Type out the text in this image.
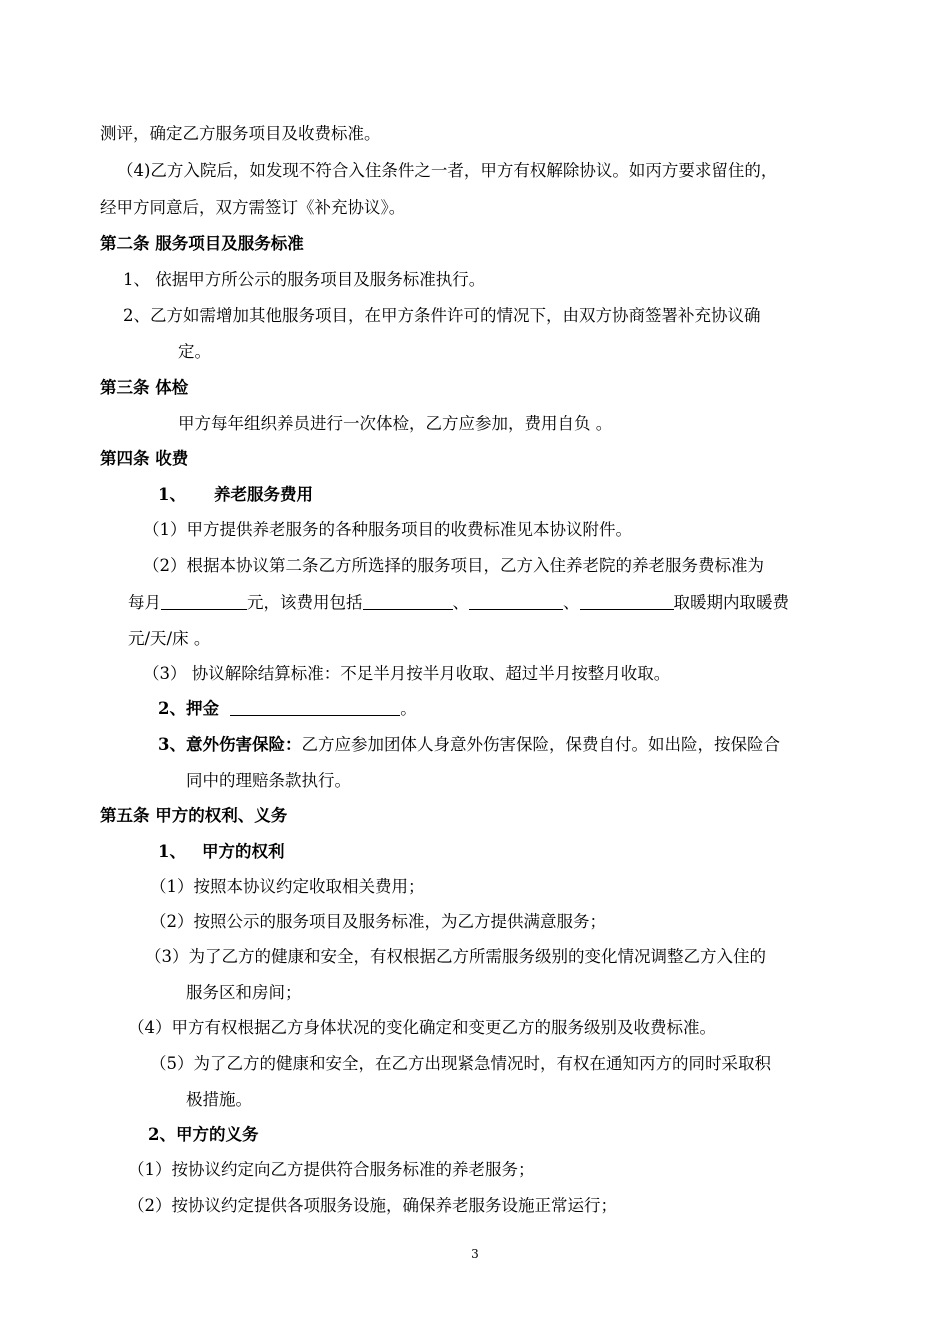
测评，确定乙方服务项目及收费标准。
（4)乙方入院后，如发现不符合入住条件之一者，甲方有权解除协议。如丙方要求留住的，
经甲方同意后，双方需签订《补充协议》。
第二条 服务项目及服务标准
1、 依据甲方所公示的服务项目及服务标准执行。
2、乙方如需增加其他服务项目，在甲方条件许可的情况下，由双方协商签署补充协议确
定。
第三条 体检
甲方每年组织养员进行一次体检，乙方应参加，费用自负 。
第四条 收费
1、 养老服务费用
（1）甲方提供养老服务的各种服务项目的收费标准见本协议附件。
（2）根据本协议第二条乙方所选择的服务项目，乙方入住养老院的养老服务费标准为
每月	元，该费用包括	、	、	取暖期内取暖费
元/天/床 。
（3） 协议解除结算标准：不足半月按半月收取、超过半月按整月收取。
2、押金	。
3、意外伤害保险：乙方应参加团体人身意外伤害保险，保费自付。如出险，按保险合
同中的理赔条款执行。
第五条 甲方的权利、义务
1、 甲方的权利
（1）按照本协议约定收取相关费用；
（2）按照公示的服务项目及服务标准，为乙方提供满意服务；
（3）为了乙方的健康和安全，有权根据乙方所需服务级别的变化情况调整乙方入住的
服务区和房间；
（4）甲方有权根据乙方身体状况的变化确定和变更乙方的服务级别及收费标准。
（5）为了乙方的健康和安全，在乙方出现紧急情况时，有权在通知丙方的同时采取积
极措施。
2、甲方的义务
（1）按协议约定向乙方提供符合服务标准的养老服务；
（2）按协议约定提供各项服务设施，确保养老服务设施正常运行；
3
